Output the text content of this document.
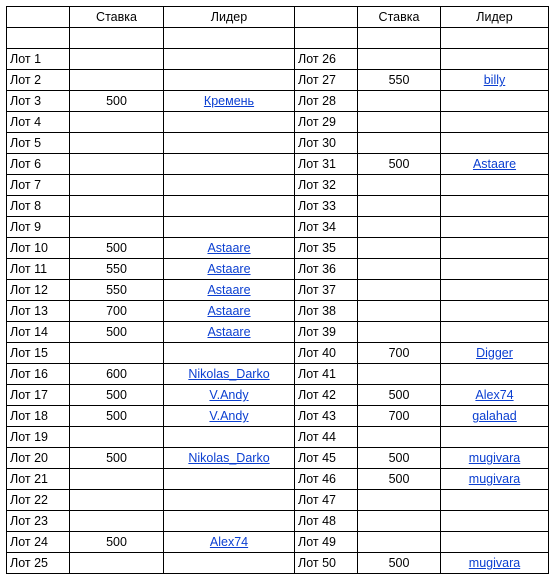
	Ставка	Лидер		Ставка	Лидер

Лот 1			Лот 26		
Лот 2			Лот 27	550	billy
Лот 3	500	Кремень	Лот 28		
Лот 4			Лот 29		
Лот 5			Лот 30		
Лот 6			Лот 31	500	Astaare
Лот 7			Лот 32		
Лот 8			Лот 33		
Лот 9			Лот 34		
Лот 10	500	Astaare	Лот 35		
Лот 11	550	Astaare	Лот 36		
Лот 12	550	Astaare	Лот 37		
Лот 13	700	Astaare	Лот 38		
Лот 14	500	Astaare	Лот 39		
Лот 15			Лот 40	700	Digger
Лот 16	600	Nikolas_Darko	Лот 41		
Лот 17	500	V.Andy	Лот 42	500	Alex74
Лот 18	500	V.Andy	Лот 43	700	galahad
Лот 19			Лот 44		
Лот 20	500	Nikolas_Darko	Лот 45	500	mugivara
Лот 21			Лот 46	500	mugivara
Лот 22			Лот 47		
Лот 23			Лот 48		
Лот 24	500	Alex74	Лот 49		
Лот 25			Лот 50	500	mugivara
